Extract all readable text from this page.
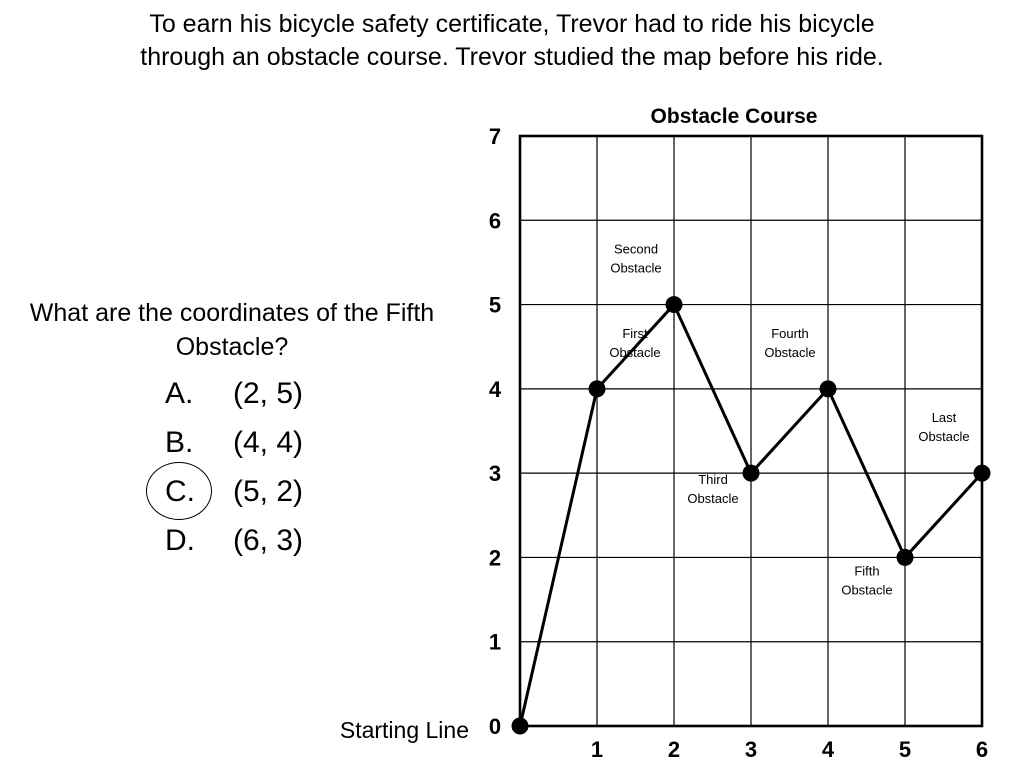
To earn his bicycle safety certificate, Trevor had to ride his bicycle
through an obstacle course. Trevor studied the map before his ride.
What are the coordinates of the Fifth Obstacle?
A. (2, 5)
B. (4, 4)
C. (5, 2)
D. (6, 3)
Obstacle Course
0
1
2
3
4
5
6
7
1	2	3	4	5	6
Starting Line
First Obstacle
Second Obstacle
Third Obstacle
Fourth Obstacle
Fifth Obstacle
Last Obstacle
